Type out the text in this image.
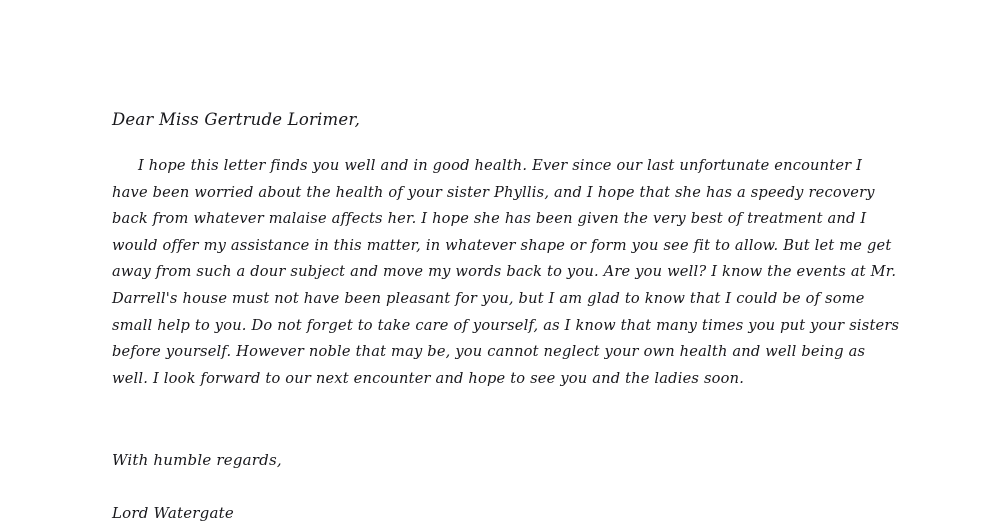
Dear Miss Gertrude Lorimer,

I hope this letter finds you well and in good health. Ever since our last unfortunate encounter I have been worried about the health of your sister Phyllis, and I hope that she has a speedy recovery back from whatever malaise affects her. I hope she has been given the very best of treatment and I would offer my assistance in this matter, in whatever shape or form you see fit to allow. But let me get away from such a dour subject and move my words back to you. Are you well? I know the events at Mr. Darrell's house must not have been pleasant for you, but I am glad to know that I could be of some small help to you. Do not forget to take care of yourself, as I know that many times you put your sisters before yourself. However noble that may be, you cannot neglect your own health and well being as well. I look forward to our next encounter and hope to see you and the ladies soon.

With humble regards,

Lord Watergate
